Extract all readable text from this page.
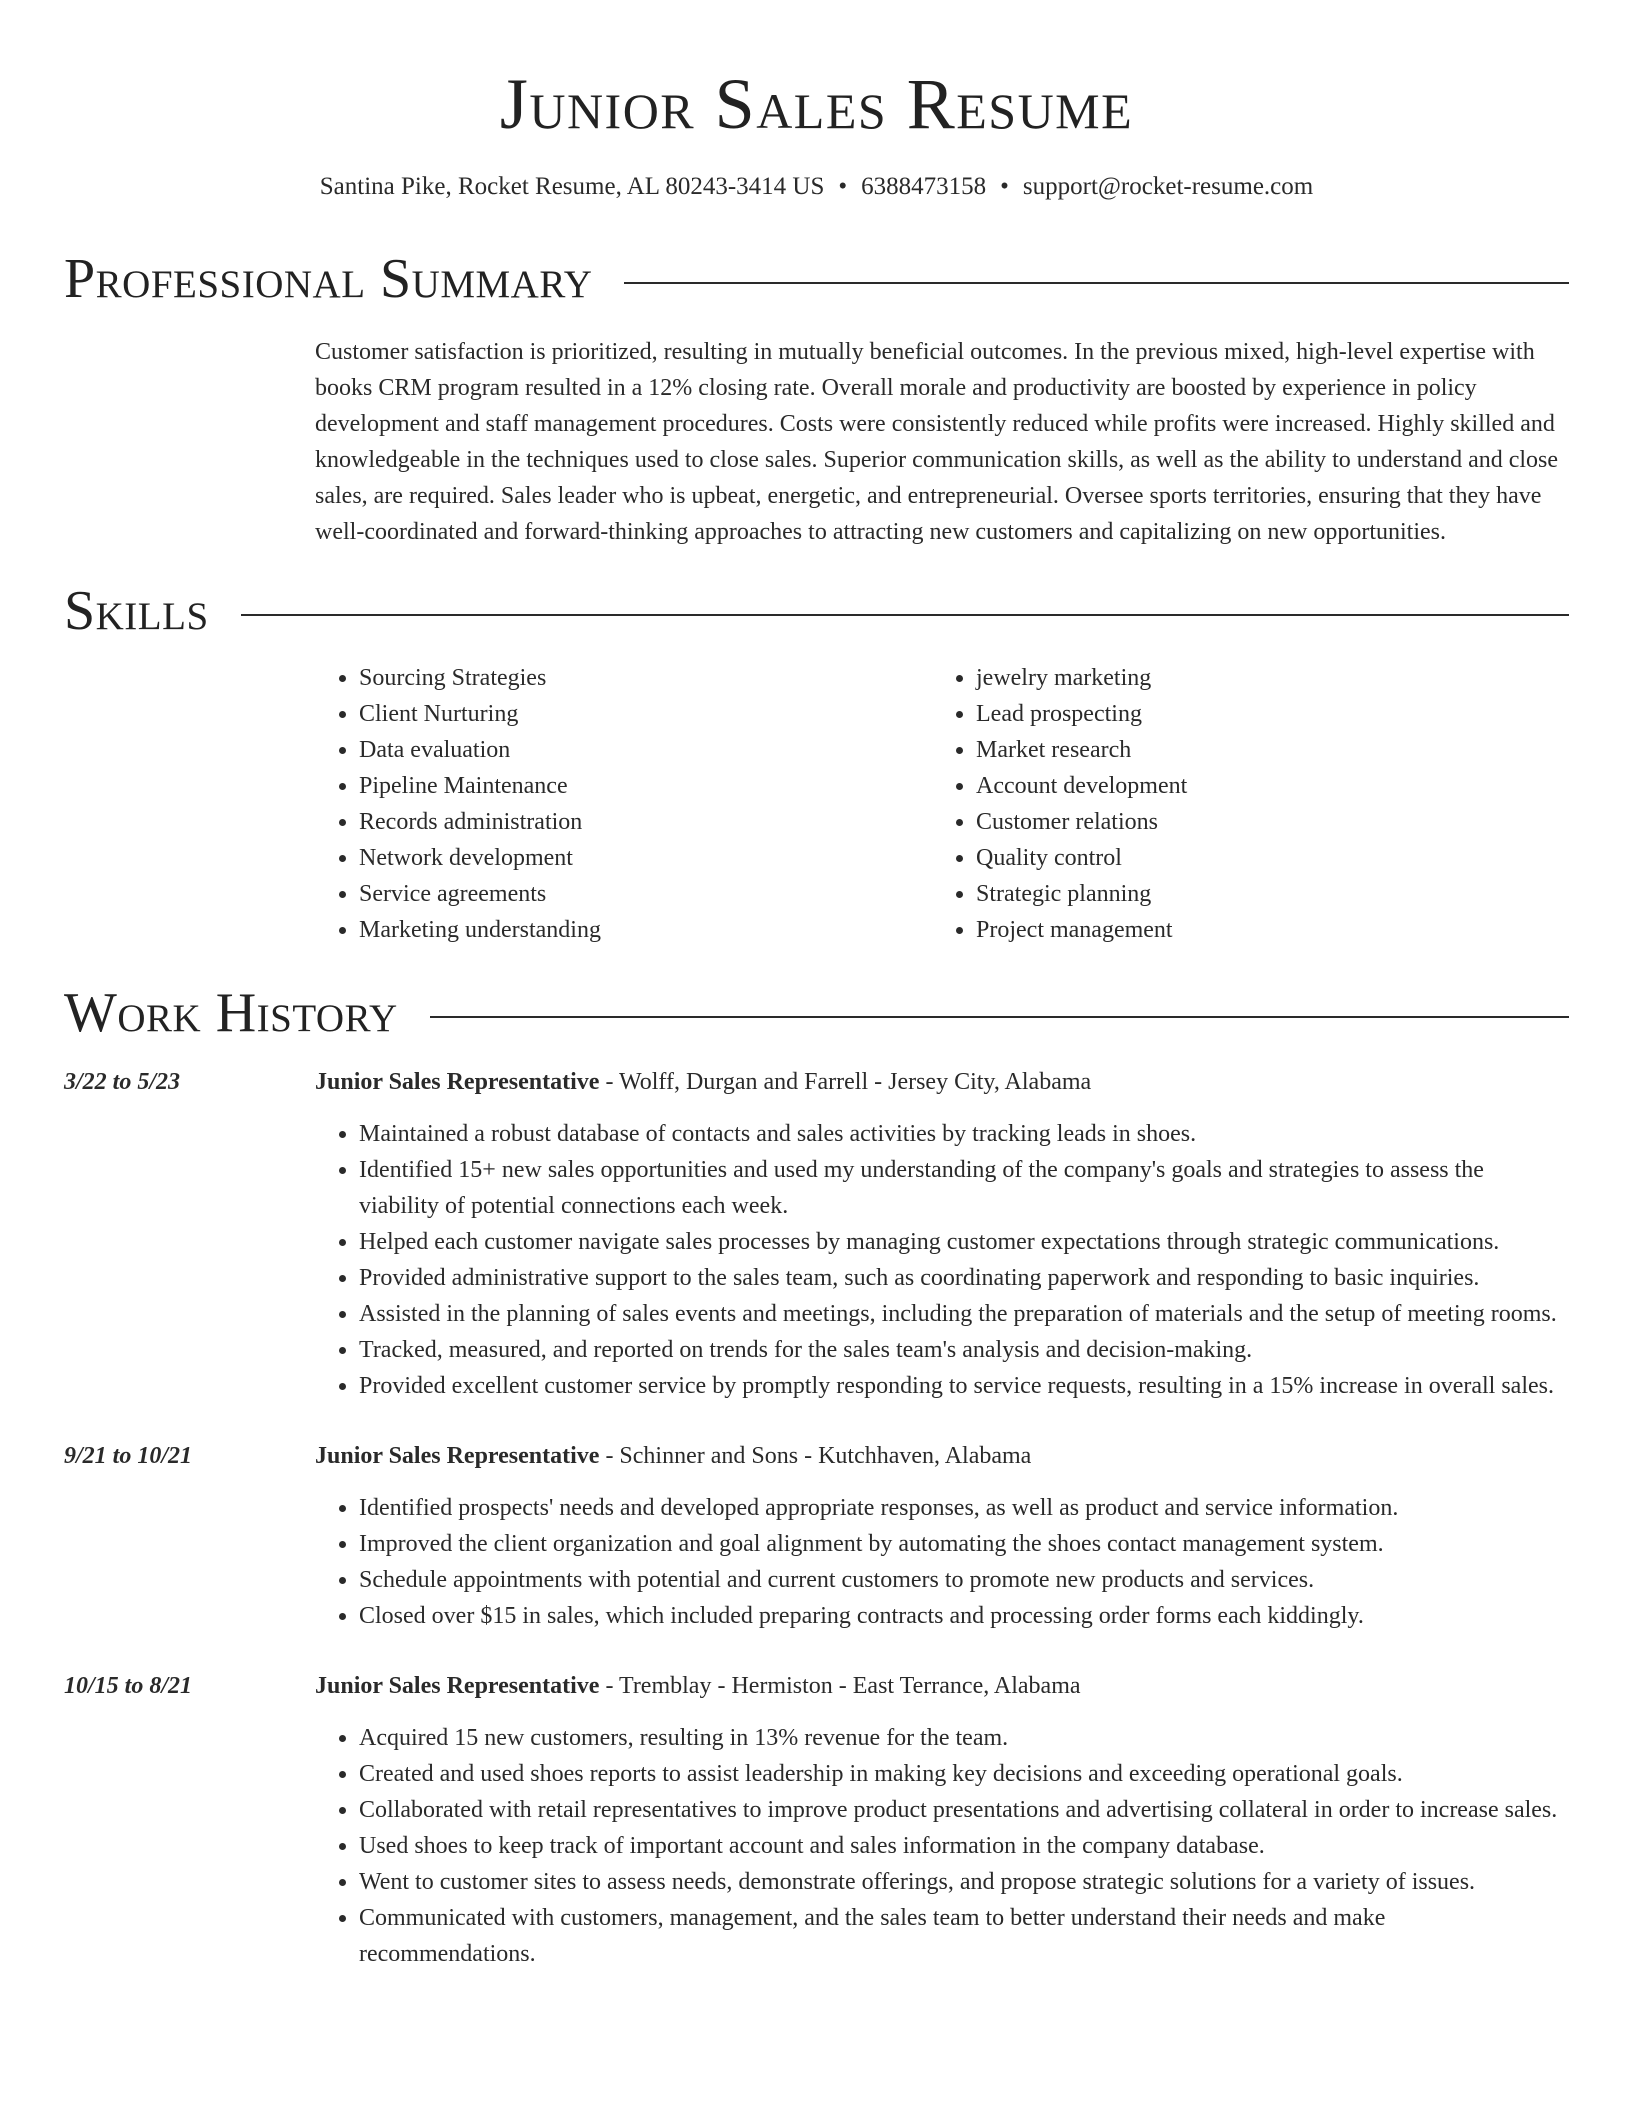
Junior Sales Resume
Santina Pike, Rocket Resume, AL 80243-3414 US • 6388473158 • support@rocket-resume.com
Professional Summary
Customer satisfaction is prioritized, resulting in mutually beneficial outcomes. In the previous mixed, high-level expertise with books CRM program resulted in a 12% closing rate. Overall morale and productivity are boosted by experience in policy development and staff management procedures. Costs were consistently reduced while profits were increased. Highly skilled and knowledgeable in the techniques used to close sales. Superior communication skills, as well as the ability to understand and close sales, are required. Sales leader who is upbeat, energetic, and entrepreneurial. Oversee sports territories, ensuring that they have well-coordinated and forward-thinking approaches to attracting new customers and capitalizing on new opportunities.
Skills
• Sourcing Strategies
• Client Nurturing
• Data evaluation
• Pipeline Maintenance
• Records administration
• Network development
• Service agreements
• Marketing understanding
• jewelry marketing
• Lead prospecting
• Market research
• Account development
• Customer relations
• Quality control
• Strategic planning
• Project management
Work History
3/22 to 5/23	Junior Sales Representative - Wolff, Durgan and Farrell - Jersey City, Alabama
• Maintained a robust database of contacts and sales activities by tracking leads in shoes.
• Identified 15+ new sales opportunities and used my understanding of the company's goals and strategies to assess the viability of potential connections each week.
• Helped each customer navigate sales processes by managing customer expectations through strategic communications.
• Provided administrative support to the sales team, such as coordinating paperwork and responding to basic inquiries.
• Assisted in the planning of sales events and meetings, including the preparation of materials and the setup of meeting rooms.
• Tracked, measured, and reported on trends for the sales team's analysis and decision-making.
• Provided excellent customer service by promptly responding to service requests, resulting in a 15% increase in overall sales.
9/21 to 10/21	Junior Sales Representative - Schinner and Sons - Kutchhaven, Alabama
• Identified prospects' needs and developed appropriate responses, as well as product and service information.
• Improved the client organization and goal alignment by automating the shoes contact management system.
• Schedule appointments with potential and current customers to promote new products and services.
• Closed over $15 in sales, which included preparing contracts and processing order forms each kiddingly.
10/15 to 8/21	Junior Sales Representative - Tremblay - Hermiston - East Terrance, Alabama
• Acquired 15 new customers, resulting in 13% revenue for the team.
• Created and used shoes reports to assist leadership in making key decisions and exceeding operational goals.
• Collaborated with retail representatives to improve product presentations and advertising collateral in order to increase sales.
• Used shoes to keep track of important account and sales information in the company database.
• Went to customer sites to assess needs, demonstrate offerings, and propose strategic solutions for a variety of issues.
• Communicated with customers, management, and the sales team to better understand their needs and make recommendations.
